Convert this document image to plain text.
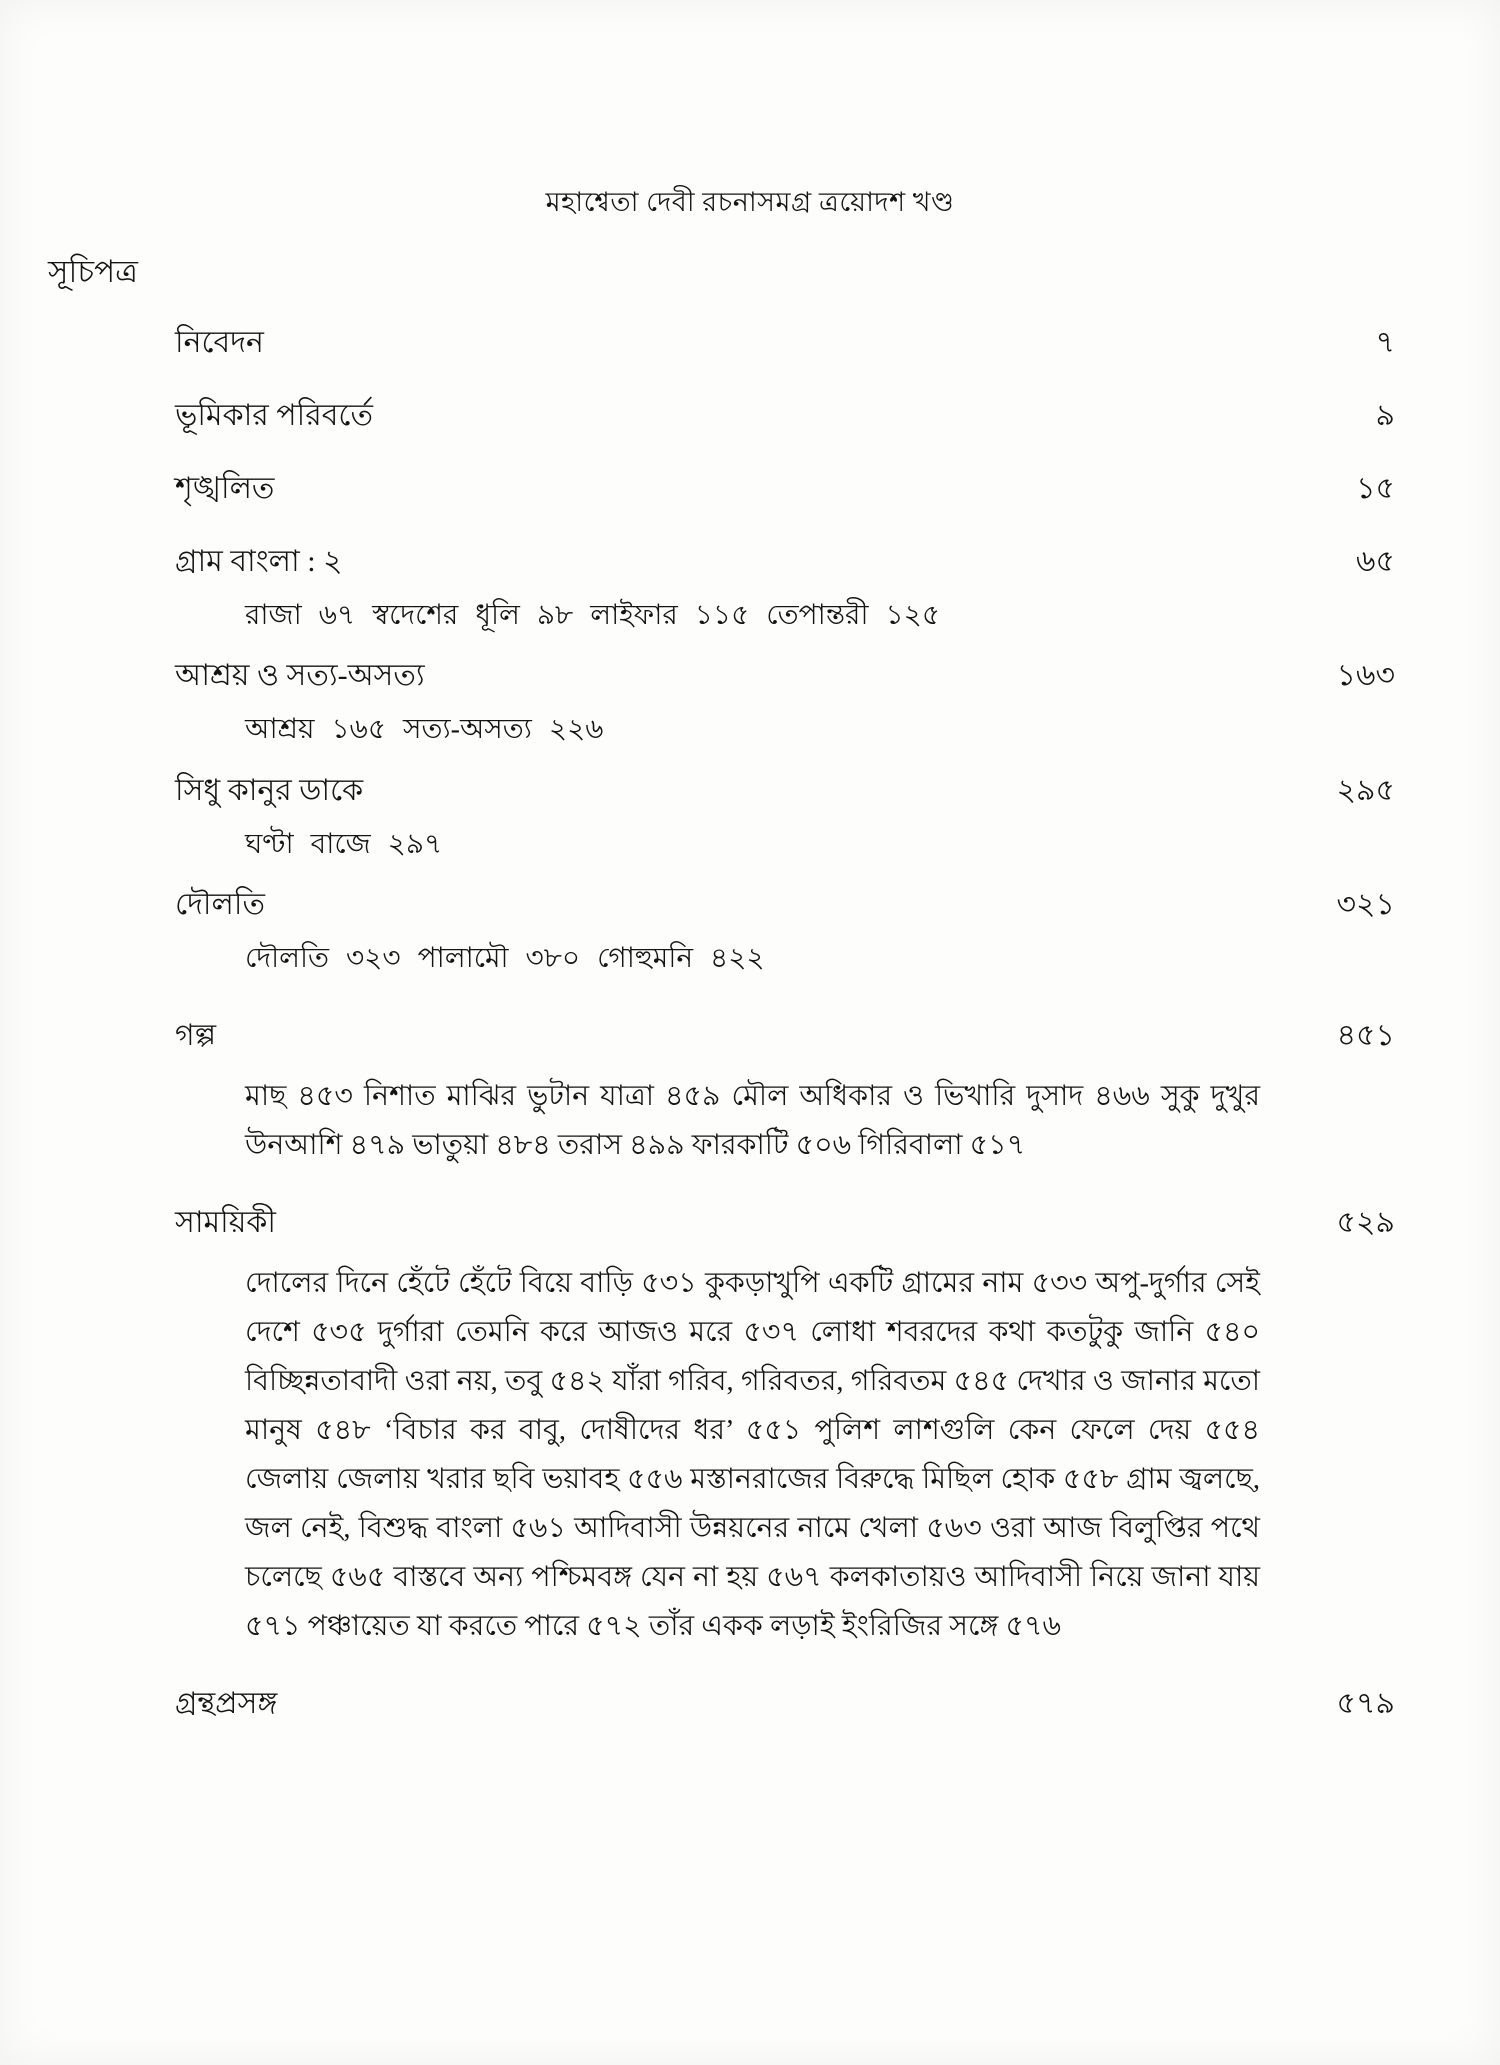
মহাশ্বেতা দেবী রচনাসমগ্র ত্রয়োদশ খণ্ড
সূচিপত্র
নিবেদন	৭
ভূমিকার পরিবর্তে	৯
শৃঙ্খলিত	১৫
গ্রাম বাংলা : ২	৬৫
রাজা ৬৭ স্বদেশের ধূলি ৯৮ লাইফার ১১৫ তেপান্তরী ১২৫
আশ্রয় ও সত্য-অসত্য	১৬৩
আশ্রয় ১৬৫ সত্য-অসত্য ২২৬
সিধু কানুর ডাকে	২৯৫
ঘণ্টা বাজে ২৯৭
দৌলতি	৩২১
দৌলতি ৩২৩ পালামৌ ৩৮০ গোহুমনি ৪২২
গল্প	৪৫১
মাছ ৪৫৩ নিশাত মাঝির ভুটান যাত্রা ৪৫৯ মৌল অধিকার ও ভিখারি দুসাদ ৪৬৬ সুকু দুখুর উনআশি ৪৭৯ ভাতুয়া ৪৮৪ তরাস ৪৯৯ ফারকাটি ৫০৬ গিরিবালা ৫১৭
সাময়িকী	৫২৯
দোলের দিনে হেঁটে হেঁটে বিয়ে বাড়ি ৫৩১ কুকড়াখুপি একটি গ্রামের নাম ৫৩৩ অপু-দুর্গার সেই দেশে ৫৩৫ দুর্গারা তেমনি করে আজও মরে ৫৩৭ লোধা শবরদের কথা কতটুকু জানি ৫৪০ বিচ্ছিন্নতাবাদী ওরা নয়, তবু ৫৪২ যাঁরা গরিব, গরিবতর, গরিবতম ৫৪৫ দেখার ও জানার মতো মানুষ ৫৪৮ ‘বিচার কর বাবু, দোষীদের ধর’ ৫৫১ পুলিশ লাশগুলি কেন ফেলে দেয় ৫৫৪ জেলায় জেলায় খরার ছবি ভয়াবহ ৫৫৬ মস্তানরাজের বিরুদ্ধে মিছিল হোক ৫৫৮ গ্রাম জ্বলছে, জল নেই, বিশুদ্ধ বাংলা ৫৬১ আদিবাসী উন্নয়নের নামে খেলা ৫৬৩ ওরা আজ বিলুপ্তির পথে চলেছে ৫৬৫ বাস্তবে অন্য পশ্চিমবঙ্গ যেন না হয় ৫৬৭ কলকাতায়ও আদিবাসী নিয়ে জানা যায় ৫৭১ পঞ্চায়েত যা করতে পারে ৫৭২ তাঁর একক লড়াই ইংরিজির সঙ্গে ৫৭৬
গ্রন্থপ্রসঙ্গ	৫৭৯
